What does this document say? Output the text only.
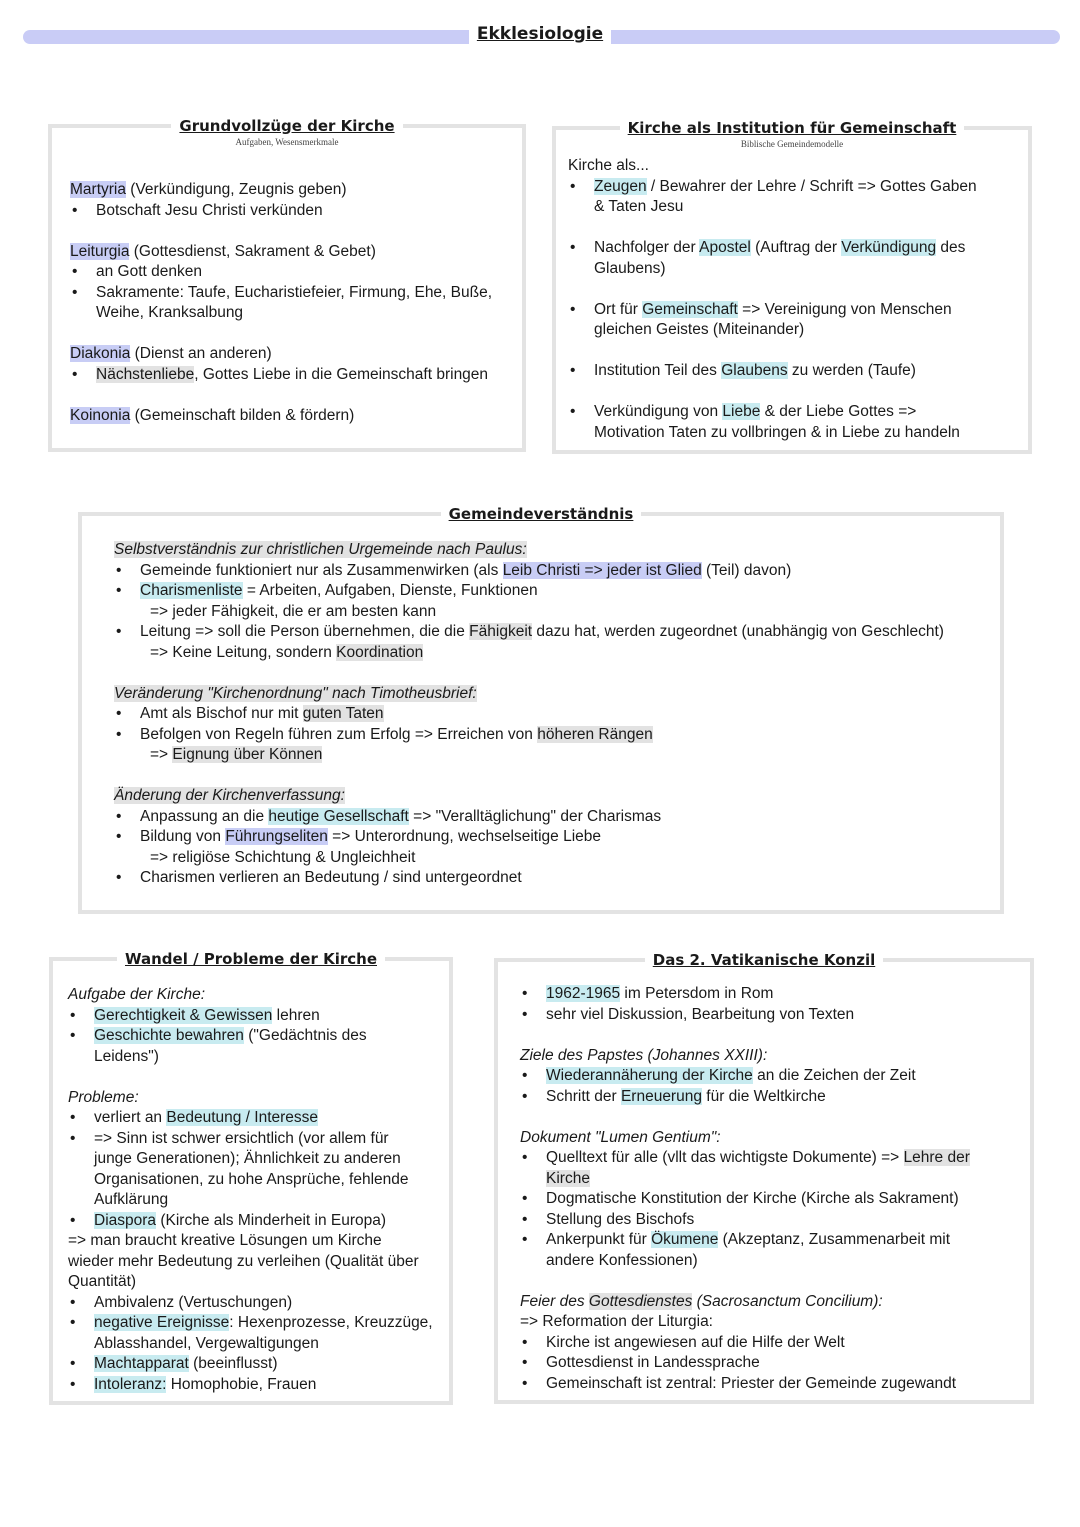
Ekklesiologie
Grundvollzüge der Kirche
Aufgaben, Wesensmerkmale
Martyria (Verkündigung, Zeugnis geben)
• Botschaft Jesu Christi verkünden
Leiturgia (Gottesdienst, Sakrament & Gebet)
• an Gott denken
• Sakramente: Taufe, Eucharistiefeier, Firmung, Ehe, Buße,
Weihe, Kranksalbung
Diakonia (Dienst an anderen)
• Nächstenliebe, Gottes Liebe in die Gemeinschaft bringen
Koinonia (Gemeinschaft bilden & fördern)
Kirche als Institution für Gemeinschaft
Biblische Gemeindemodelle
Kirche als...
• Zeugen / Bewahrer der Lehre / Schrift => Gottes Gaben
& Taten Jesu
• Nachfolger der Apostel (Auftrag der Verkündigung des
Glaubens)
• Ort für Gemeinschaft => Vereinigung von Menschen
gleichen Geistes (Miteinander)
• Institution Teil des Glaubens zu werden (Taufe)
• Verkündigung von Liebe & der Liebe Gottes =>
Motivation Taten zu vollbringen & in Liebe zu handeln
Gemeindeverständnis
Selbstverständnis zur christlichen Urgemeinde nach Paulus:
• Gemeinde funktioniert nur als Zusammenwirken (als Leib Christi => jeder ist Glied (Teil) davon)
• Charismenliste = Arbeiten, Aufgaben, Dienste, Funktionen
=> jeder Fähigkeit, die er am besten kann
• Leitung => soll die Person übernehmen, die die Fähigkeit dazu hat, werden zugeordnet (unabhängig von Geschlecht)
=> Keine Leitung, sondern Koordination
Veränderung "Kirchenordnung" nach Timotheusbrief:
• Amt als Bischof nur mit guten Taten
• Befolgen von Regeln führen zum Erfolg => Erreichen von höheren Rängen
=> Eignung über Können
Änderung der Kirchenverfassung:
• Anpassung an die heutige Gesellschaft => "Veralltäglichung" der Charismas
• Bildung von Führungseliten => Unterordnung, wechselseitige Liebe
=> religiöse Schichtung & Ungleichheit
• Charismen verlieren an Bedeutung / sind untergeordnet
Wandel / Probleme der Kirche
Aufgabe der Kirche:
• Gerechtigkeit & Gewissen lehren
• Geschichte bewahren ("Gedächtnis des
Leidens")
Probleme:
• verliert an Bedeutung / Interesse
• => Sinn ist schwer ersichtlich (vor allem für
junge Generationen); Ähnlichkeit zu anderen
Organisationen, zu hohe Ansprüche, fehlende
Aufklärung
• Diaspora (Kirche als Minderheit in Europa)
=> man braucht kreative Lösungen um Kirche
wieder mehr Bedeutung zu verleihen (Qualität über
Quantität)
• Ambivalenz (Vertuschungen)
• negative Ereignisse: Hexenprozesse, Kreuzzüge,
Ablasshandel, Vergewaltigungen
• Machtapparat (beeinflusst)
• Intoleranz: Homophobie, Frauen
Das 2. Vatikanische Konzil
• 1962-1965 im Petersdom in Rom
• sehr viel Diskussion, Bearbeitung von Texten
Ziele des Papstes (Johannes XXIII):
• Wiederannäherung der Kirche an die Zeichen der Zeit
• Schritt der Erneuerung für die Weltkirche
Dokument "Lumen Gentium":
• Quelltext für alle (vllt das wichtigste Dokumente) => Lehre der
Kirche
• Dogmatische Konstitution der Kirche (Kirche als Sakrament)
• Stellung des Bischofs
• Ankerpunkt für Ökumene (Akzeptanz, Zusammenarbeit mit
andere Konfessionen)
Feier des Gottesdienstes (Sacrosanctum Concilium):
=> Reformation der Liturgia:
• Kirche ist angewiesen auf die Hilfe der Welt
• Gottesdienst in Landessprache
• Gemeinschaft ist zentral: Priester der Gemeinde zugewandt
